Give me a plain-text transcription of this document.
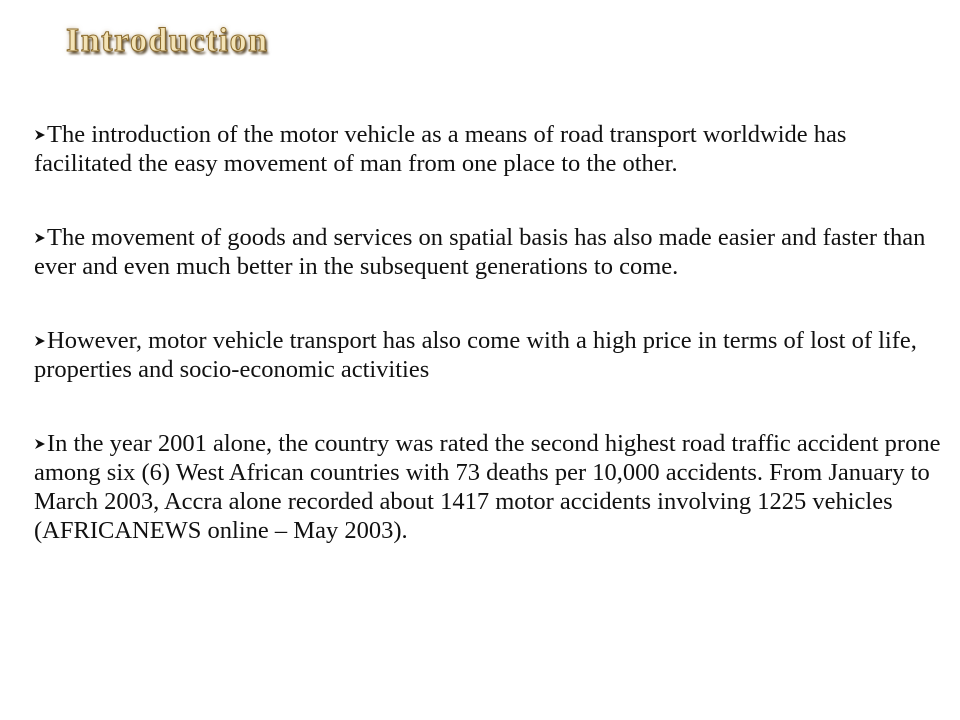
Introduction
The introduction of the motor vehicle as a means of road transport worldwide has facilitated the easy movement of man from one place to the other.
The movement of goods and services on spatial basis has also made easier and faster than ever and even much better in the subsequent generations to come.
However, motor vehicle transport has also come with a high price in terms of lost of life, properties and socio-economic activities
In the year 2001 alone, the country was rated the second highest road traffic accident prone among six (6) West African countries with 73 deaths per 10,000 accidents. From January to March 2003, Accra alone recorded about 1417 motor accidents involving 1225 vehicles (AFRICANEWS online – May 2003).
